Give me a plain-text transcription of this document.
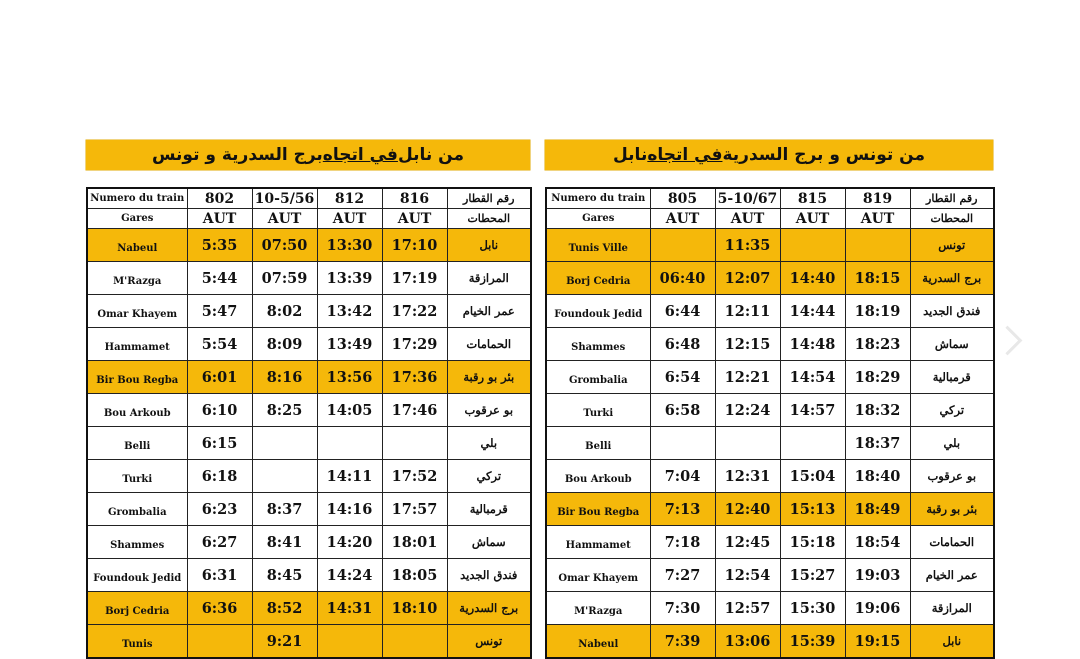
من نابل
في اتجاه
برج السدرية و تونس
Numero du train	802	10-5/56	812	816	رقم القطار
Gares	AUT	AUT	AUT	AUT	المحطات
Nabeul	5:35	07:50	13:30	17:10	نابل
M'Razga	5:44	07:59	13:39	17:19	المرازقة
Omar Khayem	5:47	8:02	13:42	17:22	عمر الخيام
Hammamet	5:54	8:09	13:49	17:29	الحمامات
Bir Bou Regba	6:01	8:16	13:56	17:36	بئر بو رقبة
Bou Arkoub	6:10	8:25	14:05	17:46	بو عرقوب
Belli	6:15				بلي
Turki	6:18		14:11	17:52	تركي
Grombalia	6:23	8:37	14:16	17:57	قرمبالية
Shammes	6:27	8:41	14:20	18:01	سماش
Foundouk Jedid	6:31	8:45	14:24	18:05	فندق الجديد
Borj Cedria	6:36	8:52	14:31	18:10	برج السدرية
Tunis		9:21			تونس
من تونس و برج السدرية
في اتجاه
نابل
Numero du train	805	5-10/67	815	819	رقم القطار
Gares	AUT	AUT	AUT	AUT	المحطات
Tunis Ville		11:35			تونس
Borj Cedria	06:40	12:07	14:40	18:15	برج السدرية
Foundouk Jedid	6:44	12:11	14:44	18:19	فندق الجديد
Shammes	6:48	12:15	14:48	18:23	سماش
Grombalia	6:54	12:21	14:54	18:29	قرمبالية
Turki	6:58	12:24	14:57	18:32	تركي
Belli				18:37	بلي
Bou Arkoub	7:04	12:31	15:04	18:40	بو عرقوب
Bir Bou Regba	7:13	12:40	15:13	18:49	بئر بو رقبة
Hammamet	7:18	12:45	15:18	18:54	الحمامات
Omar Khayem	7:27	12:54	15:27	19:03	عمر الخيام
M'Razga	7:30	12:57	15:30	19:06	المرازقة
Nabeul	7:39	13:06	15:39	19:15	نابل
